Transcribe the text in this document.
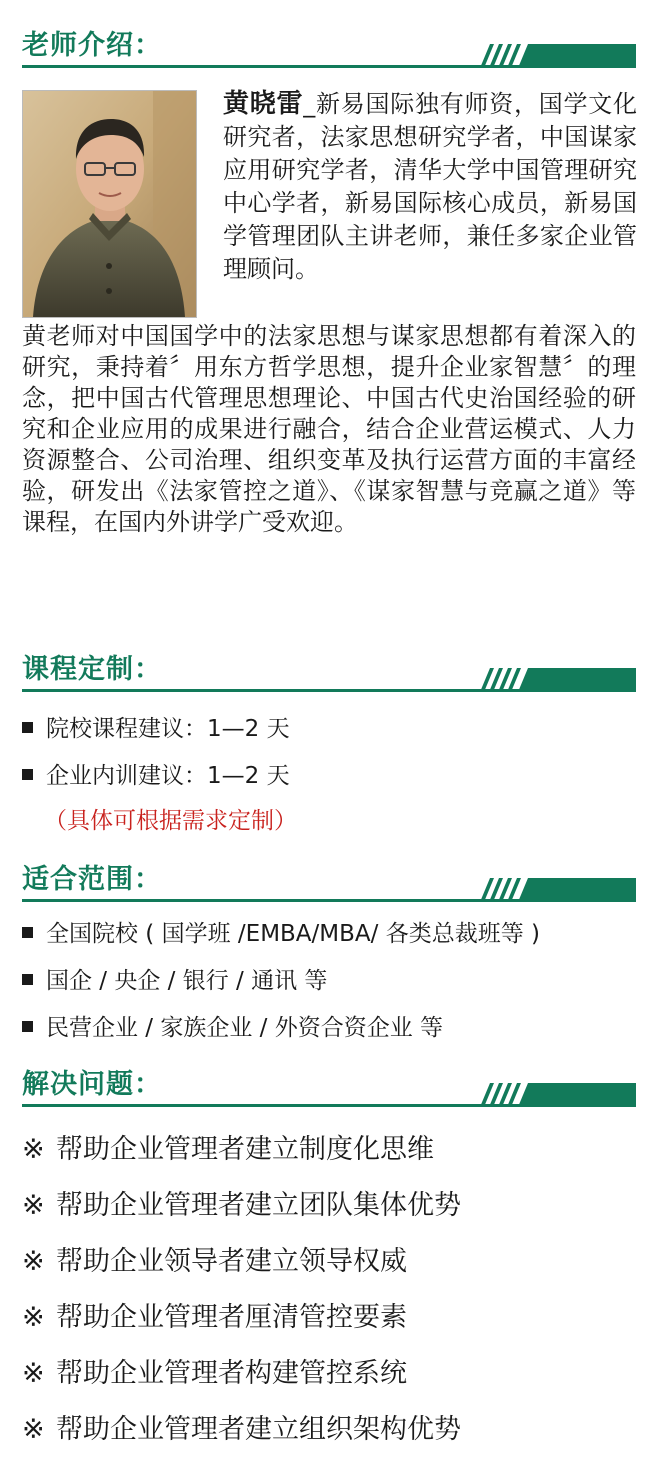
老师介绍：
黄晓雷_新易国际独有师资，国学文化研究者，法家思想研究学者，中国谋家应用研究学者，清华大学中国管理研究中心学者，新易国际核心成员，新易国学管理团队主讲老师，兼任多家企业管理顾问。
黄老师对中国国学中的法家思想与谋家思想都有着深入的研究，秉持着〞用东方哲学思想，提升企业家智慧〞的理念，把中国古代管理思想理论、中国古代史治国经验的研究和企业应用的成果进行融合，结合企业营运模式、人力资源整合、公司治理、组织变革及执行运营方面的丰富经验，研发出《法家管控之道》、《谋家智慧与竞赢之道》等课程，在国内外讲学广受欢迎。
课程定制：
院校课程建议：1—2 天
企业内训建议：1—2 天
（具体可根据需求定制）
适合范围：
全国院校 ( 国学班 /EMBA/MBA/ 各类总裁班等 )
国企 / 央企 / 银行 / 通讯 等
民营企业 / 家族企业 / 外资合资企业 等
解决问题：
※ 帮助企业管理者建立制度化思维
※ 帮助企业管理者建立团队集体优势
※ 帮助企业领导者建立领导权威
※ 帮助企业管理者厘清管控要素
※ 帮助企业管理者构建管控系统
※ 帮助企业管理者建立组织架构优势
